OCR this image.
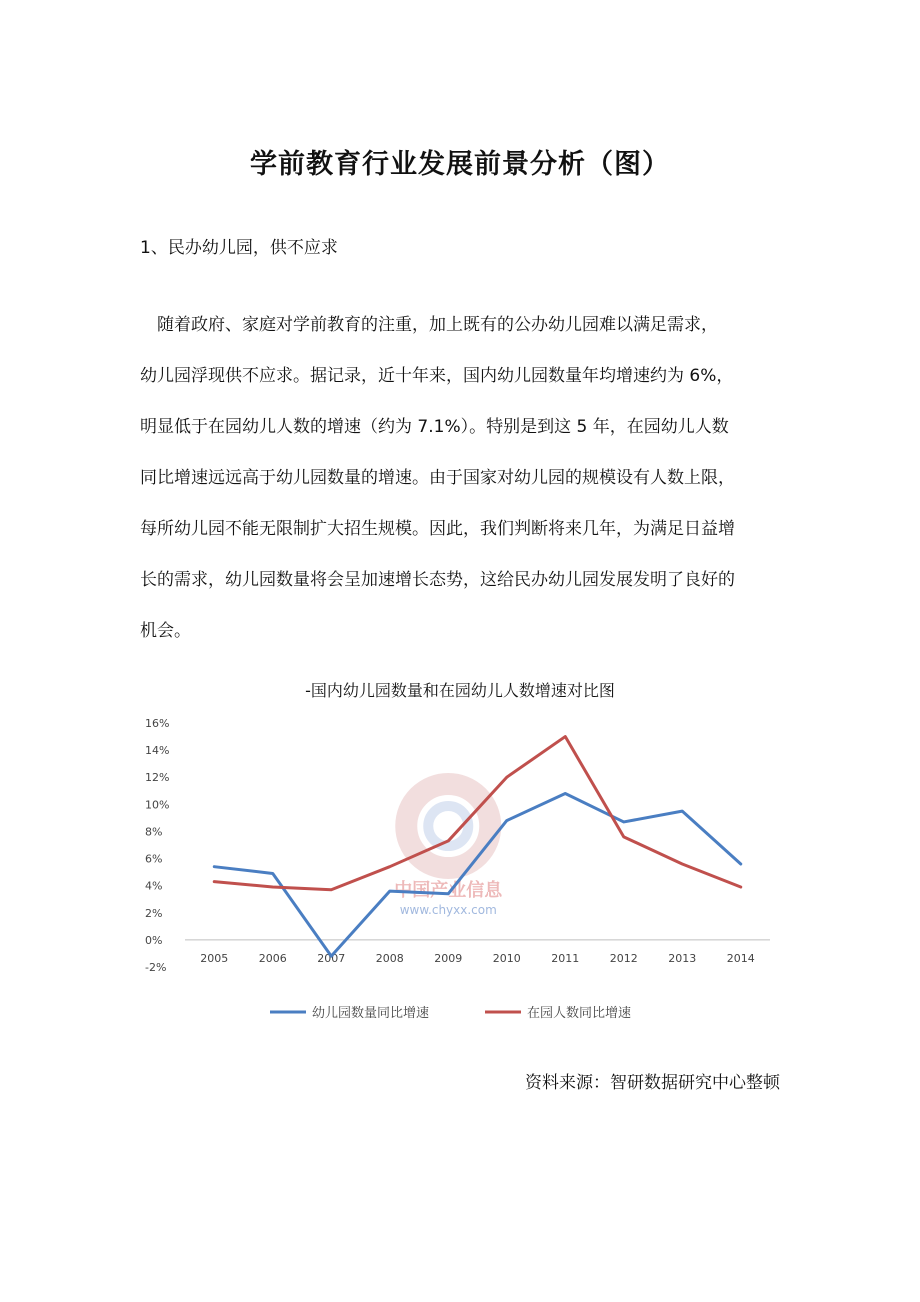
学前教育行业发展前景分析（图）
1、民办幼儿园，供不应求
　随着政府、家庭对学前教育的注重，加上既有的公办幼儿园难以满足需求，
幼儿园浮现供不应求。据记录，近十年来，国内幼儿园数量年均增速约为 6%，
明显低于在园幼儿人数的增速（约为 7.1%）。特别是到这 5 年，在园幼儿人数
同比增速远远高于幼儿园数量的增速。由于国家对幼儿园的规模设有人数上限，
每所幼儿园不能无限制扩大招生规模。因此，我们判断将来几年，为满足日益增
长的需求，幼儿园数量将会呈加速增长态势，这给民办幼儿园发展发明了良好的
机会。
-国内幼儿园数量和在园幼儿人数增速对比图
中国产业信息
www.chyxx.com
-2%
0%
2%
4%
6%
8%
10%
12%
14%
16%
2005	2006	2007	2008	2009	2010	2011	2012	2013	2014
幼儿园数量同比增速	在园人数同比增速
资料来源：智研数据研究中心整顿
